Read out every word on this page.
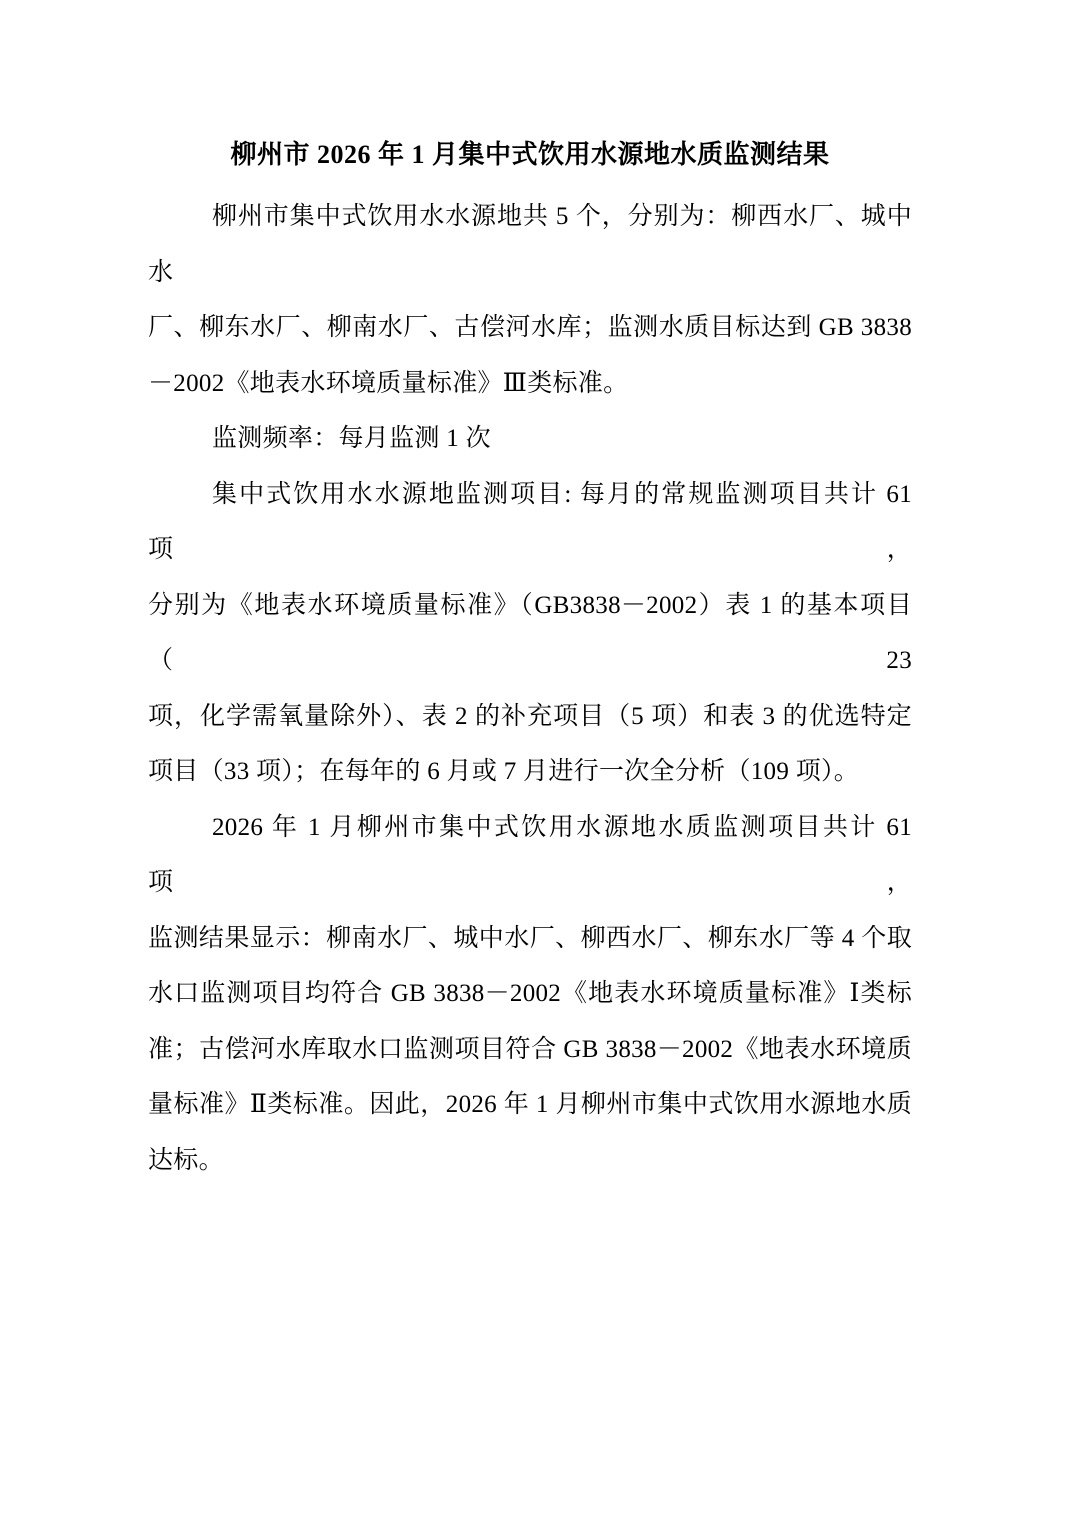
柳州市 2026 年 1 月集中式饮用水源地水质监测结果
柳州市集中式饮用水水源地共 5 个，分别为：柳西水厂、城中水
厂、柳东水厂、柳南水厂、古偿河水库；监测水质目标达到 GB 3838
－2002《地表水环境质量标准》Ⅲ类标准。
监测频率：每月监测 1 次
集中式饮用水水源地监测项目: 每月的常规监测项目共计 61 项，
分别为《地表水环境质量标准》（GB3838－2002）表 1 的基本项目（23
项，化学需氧量除外）、表 2 的补充项目（5 项）和表 3 的优选特定
项目（33 项）；在每年的 6 月或 7 月进行一次全分析（109 项）。
2026 年 1 月柳州市集中式饮用水源地水质监测项目共计 61 项，
监测结果显示：柳南水厂、城中水厂、柳西水厂、柳东水厂等 4 个取
水口监测项目均符合 GB 3838－2002《地表水环境质量标准》Ⅰ类标
准；古偿河水库取水口监测项目符合 GB 3838－2002《地表水环境质
量标准》Ⅱ类标准。因此，2026 年 1 月柳州市集中式饮用水源地水质
达标。
